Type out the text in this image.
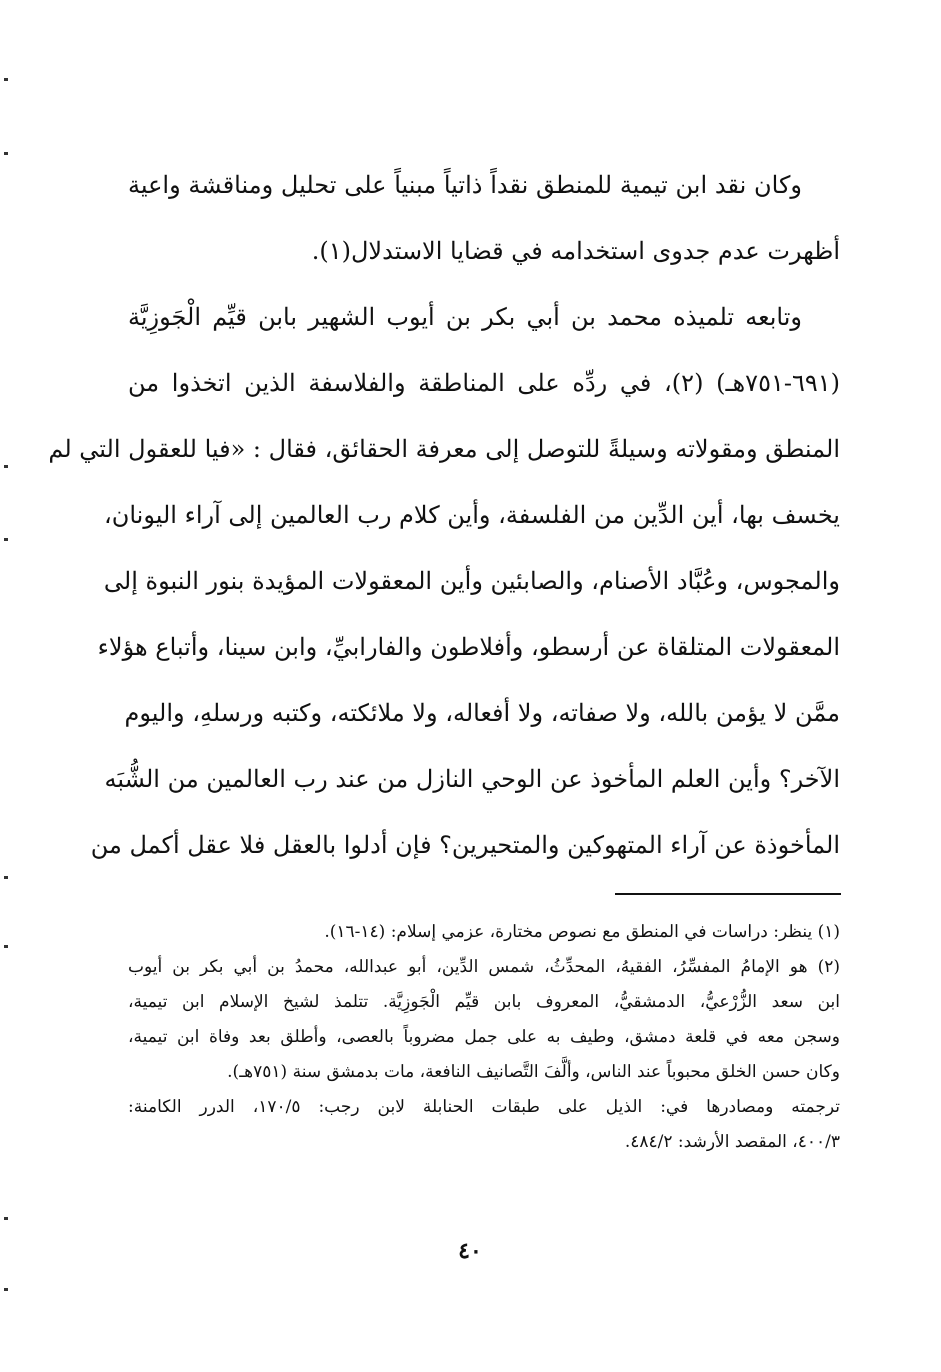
وكان نقد ابن تيمية للمنطق نقداً ذاتياً مبنياً على تحليل ومناقشة واعية
أظهرت عدم جدوى استخدامه في قضايا الاستدلال(١).
وتابعه تلميذه محمد بن أبي بكر بن أيوب الشهير بابن قيِّم الْجَوزِيَّة
(٦٩١-٧٥١هـ) (٢)، في ردِّه على المناطقة والفلاسفة الذين اتخذوا من
المنطق ومقولاته وسيلةً للتوصل إلى معرفة الحقائق، فقال : «فيا للعقول التي لم
يخسف بها، أين الدِّين من الفلسفة، وأين كلام رب العالمين إلى آراء اليونان،
والمجوس، وعُبَّاد الأصنام، والصابئين وأين المعقولات المؤيدة بنور النبوة إلى
المعقولات المتلقاة عن أرسطو، وأفلاطون والفارابيِّ، وابن سينا، وأتباع هؤلاء
ممَّن لا يؤمن بالله، ولا صفاته، ولا أفعاله، ولا ملائكته، وكتبه ورسلهِ، واليوم
الآخر؟ وأين العلم المأخوذ عن الوحي النازل من عند رب العالمين من الشُّبَه
المأخوذة عن آراء المتهوكين والمتحيرين؟ فإن أدلوا بالعقل فلا عقل أكمل من
(١) ينظر: دراسات في المنطق مع نصوص مختارة، عزمي إسلام: (١٤-١٦).
(٢) هو الإمامُ المفسِّرُ، الفقيهُ، المحدِّثُ، شمس الدِّين، أبو عبدالله، محمدُ بن أبي بكر بن أيوب
ابن سعد الزُّرْعيُّ، الدمشقيُّ، المعروف بابن قيِّم الْجَوزِيَّة. تتلمذ لشيخ الإسلام ابن تيمية،
وسجن معه في قلعة دمشق، وطيف به على جمل مضروباً بالعصى، وأطلق بعد وفاة ابن تيمية،
وكان حسن الخلق محبوباً عند الناس، وألَّفَ التَّصانيف النافعة، مات بدمشق سنة (٧٥١هـ).
ترجمته ومصادرها في: الذيل على طبقات الحنابلة لابن رجب: ١٧٠/٥، الدرر الكامنة:
٤٠٠/٣، المقصد الأرشد: ٤٨٤/٢.
٤٠
